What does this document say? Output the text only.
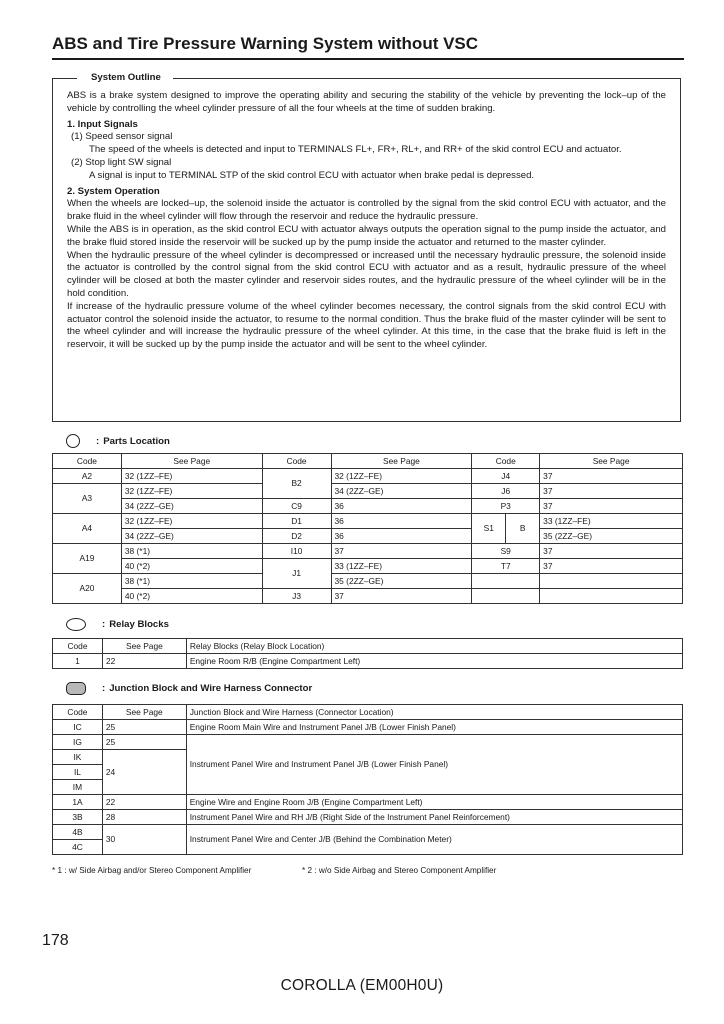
ABS and Tire Pressure Warning System without VSC
System Outline

ABS is a brake system designed to improve the operating ability and securing the stability of the vehicle by preventing the lock–up of the vehicle by controlling the wheel cylinder pressure of all the four wheels at the time of sudden braking.

1. Input Signals

(1) Speed sensor signal

The speed of the wheels is detected and input to TERMINALS FL+, FR+, RL+, and RR+ of the skid control ECU and actuator.

(2) Stop light SW signal

A signal is input to TERMINAL STP of the skid control ECU with actuator when brake pedal is depressed.

2. System Operation

When the wheels are locked–up, the solenoid inside the actuator is controlled by the signal from the skid control ECU with actuator, and the brake fluid in the wheel cylinder will flow through the reservoir and reduce the hydraulic pressure.

While the ABS is in operation, as the skid control ECU with actuator always outputs the operation signal to the pump inside the actuator, and the brake fluid stored inside the reservoir will be sucked up by the pump inside the actuator and returned to the master cylinder.

When the hydraulic pressure of the wheel cylinder is decompressed or increased until the necessary hydraulic pressure, the solenoid inside the actuator is controlled by the control signal from the skid control ECU with actuator and as a result, hydraulic pressure of the wheel cylinder will be closed at both the master cylinder and reservoir sides routes, and the hydraulic pressure of the wheel cylinder will be in the hold condition.

If increase of the hydraulic pressure volume of the wheel cylinder becomes necessary, the control signals from the skid control ECU with actuator control the solenoid inside the actuator, to resume to the normal condition. Thus the brake fluid of the master cylinder will be sent to the wheel cylinder and will increase the hydraulic pressure of the wheel cylinder. At this time, in the case that the brake fluid is left in the reservoir, it will be sucked up by the pump inside the actuator and will be sent to the wheel cylinder.

: Parts Location
Code	See Page	Code	See Page	Code		See Page
A2	32 (1ZZ–FE)	B2	32 (1ZZ–FE)	J4		37
A3	32 (1ZZ–FE)		34 (2ZZ–GE)	J6		37
	34 (2ZZ–GE)	C9	36	P3		37
A4	32 (1ZZ–FE)	D1	36	S1	B	33 (1ZZ–FE)
	34 (2ZZ–GE)	D2	36			35 (2ZZ–GE)
A19	38 (*1)	I10	37	S9		37
	40 (*2)	J1	33 (1ZZ–FE)	T7		37
A20	38 (*1)		35 (2ZZ–GE)			
	40 (*2)	J3	37			
: Relay Blocks
Code	See Page	Relay Blocks (Relay Block Location)
1	22	Engine Room R/B (Engine Compartment Left)
: Junction Block and Wire Harness Connector
Code	See Page	Junction Block and Wire Harness (Connector Location)
IC	25	Engine Room Main Wire and Instrument Panel J/B (Lower Finish Panel)
IG	25	Instrument Panel Wire and Instrument Panel J/B (Lower Finish Panel)
IK	24	
IL		
IM		
1A	22	Engine Wire and Engine Room J/B (Engine Compartment Left)
3B	28	Instrument Panel Wire and RH J/B (Right Side of the Instrument Panel Reinforcement)
4B	30	Instrument Panel Wire and Center J/B (Behind the Combination Meter)
4C		
* 1 : w/ Side Airbag and/or Stereo Component Amplifier	* 2 : w/o Side Airbag and Stereo Component Amplifier
178
COROLLA (EM00H0U)
